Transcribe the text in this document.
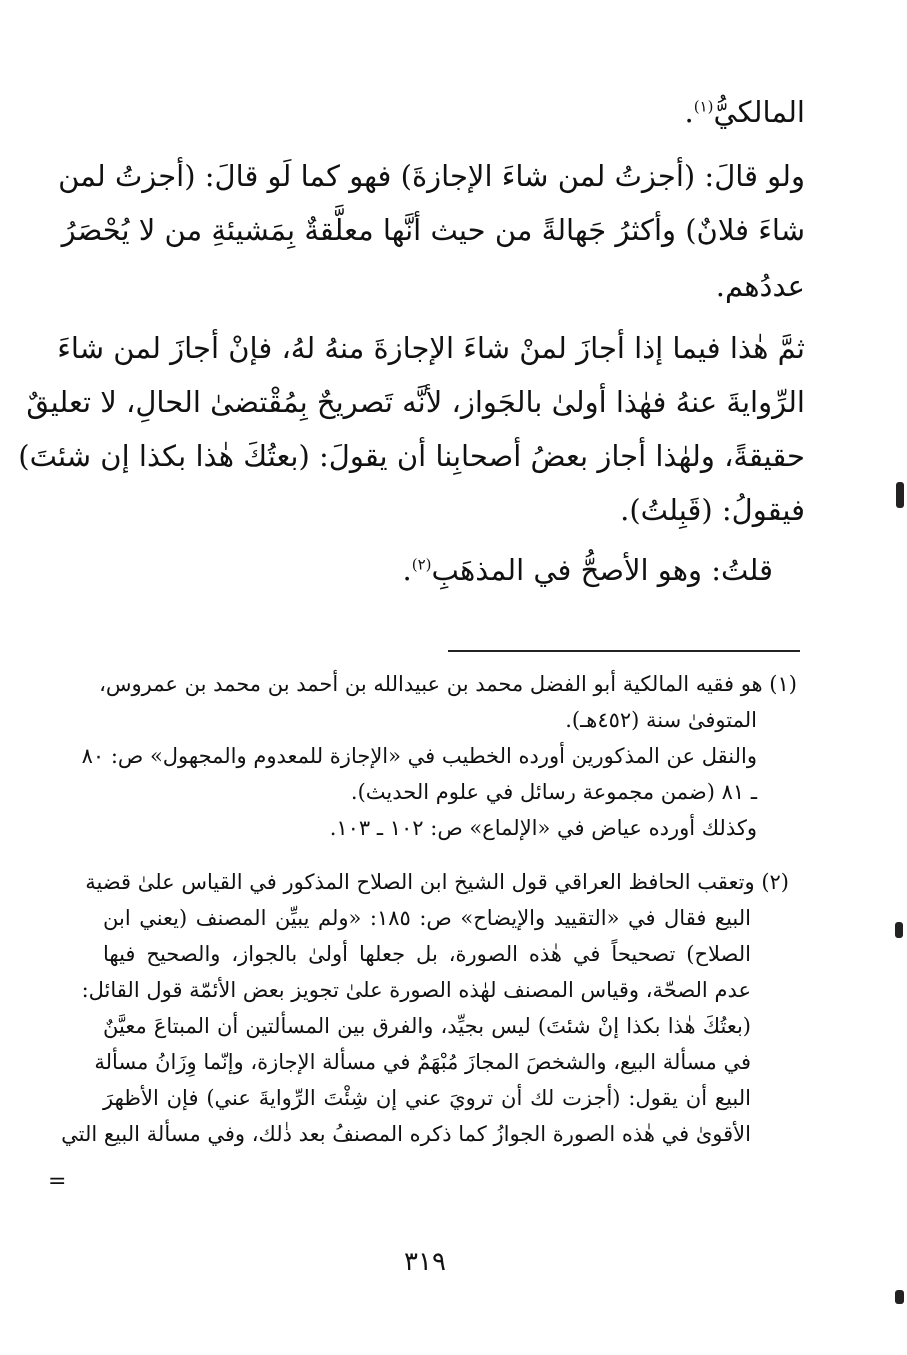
المالكيُّ$^{(١)}$.
ولو قالَ: (أجزتُ لمن شاءَ الإجازةَ) فهو كما لَو قالَ: (أجزتُ لمن
شاءَ فلانٌ) وأكثرُ جَهالةً من حيث أنَّها معلَّقةٌ بِمَشيئةِ من لا يُحْصَرُ
عددُهم.
ثمَّ هٰذا فيما إذا أجازَ لمنْ شاءَ الإجازةَ منهُ لهُ، فإنْ أجازَ لمن شاءَ
الرِّوايةَ عنهُ فهٰذا أولىٰ بالجَواز، لأنَّه تَصريحٌ بِمُقْتضىٰ الحالِ، لا تعليقٌ
حقيقةً، ولهٰذا أجاز بعضُ أصحابِنا أن يقولَ: (بعتُكَ هٰذا بكذا إن شئتَ)
فيقولُ: (قَبِلتُ).
قلتُ: وهو الأصحُّ في المذهَبِ$^{(٢)}$.
(١) هو فقيه المالكية أبو الفضل محمد بن عبيدالله بن أحمد بن محمد بن عمروس،
المتوفىٰ سنة (٤٥٢هـ).
والنقل عن المذكورين أورده الخطيب في «الإجازة للمعدوم والمجهول» ص: ٨٠
ـ ٨١ (ضمن مجموعة رسائل في علوم الحديث).
وكذلك أورده عياض في «الإلماع» ص: ١٠٢ ـ ١٠٣.
(٢) وتعقب الحافظ العراقي قول الشيخ ابن الصلاح المذكور في القياس علىٰ قضية
البيع فقال في «التقييد والإيضاح» ص: ١٨٥: «ولم يبيِّن المصنف (يعني ابن
الصلاح) تصحيحاً في هٰذه الصورة، بل جعلها أولىٰ بالجواز، والصحيح فيها
عدم الصحّة، وقياس المصنف لهٰذه الصورة علىٰ تجويز بعض الأئمّة قول القائل:
(بعتُكَ هٰذا بكذا إنْ شئتَ) ليس بجيِّد، والفرق بين المسألتين أن المبتاعَ معيَّنٌ
في مسألة البيع، والشخصَ المجازَ مُبْهَمٌ في مسألة الإجازة، وإنّما وِزَانُ مسألة
البيع أن يقول: (أجزت لك أن ترويَ عني إن شِئْتَ الرِّوايةَ عني) فإن الأظهرَ
الأقوىٰ في هٰذه الصورة الجوازُ كما ذكره المصنفُ بعد ذٰلك، وفي مسألة البيع التي
=
٣١٩
